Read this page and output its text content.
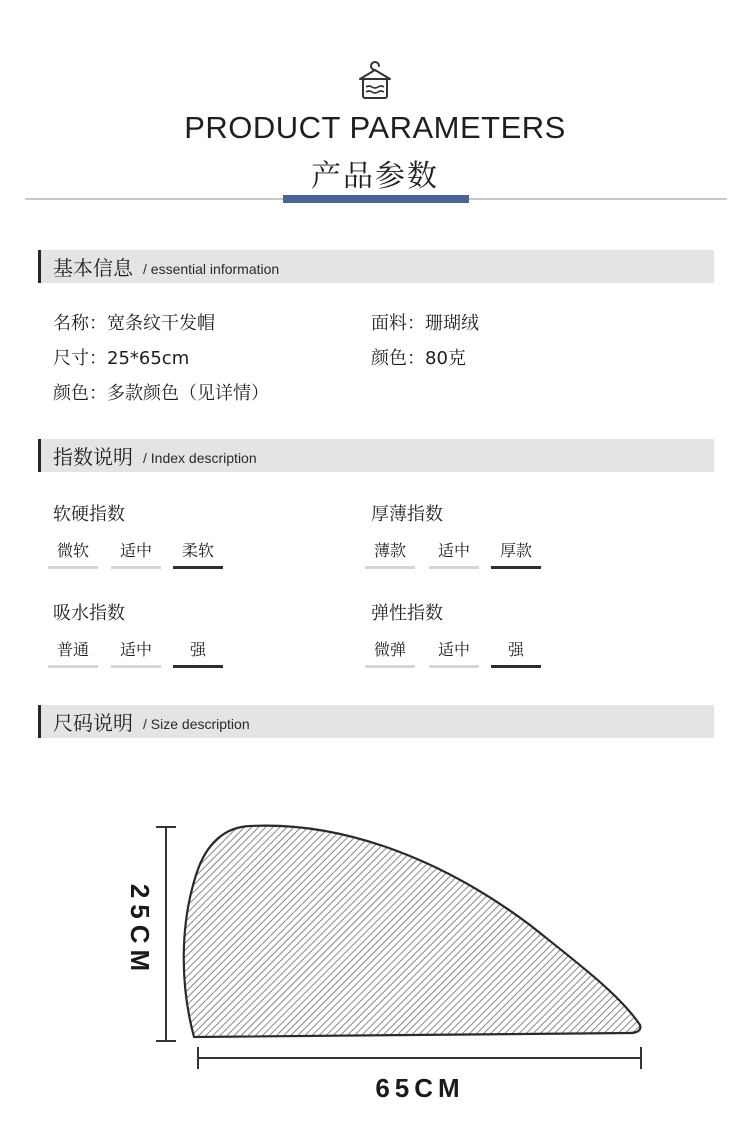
PRODUCT PARAMETERS
产品参数
基本信息 / essential information
名称：宽条纹干发帽	面料：珊瑚绒
尺寸：25*65cm	颜色：80克
颜色：多款颜色（见详情）
指数说明 / Index description
软硬指数
微软	适中	柔软
厚薄指数
薄款	适中	厚款
吸水指数
普通	适中	强
弹性指数
微弹	适中	强
尺码说明 / Size description
25CM
65CM
